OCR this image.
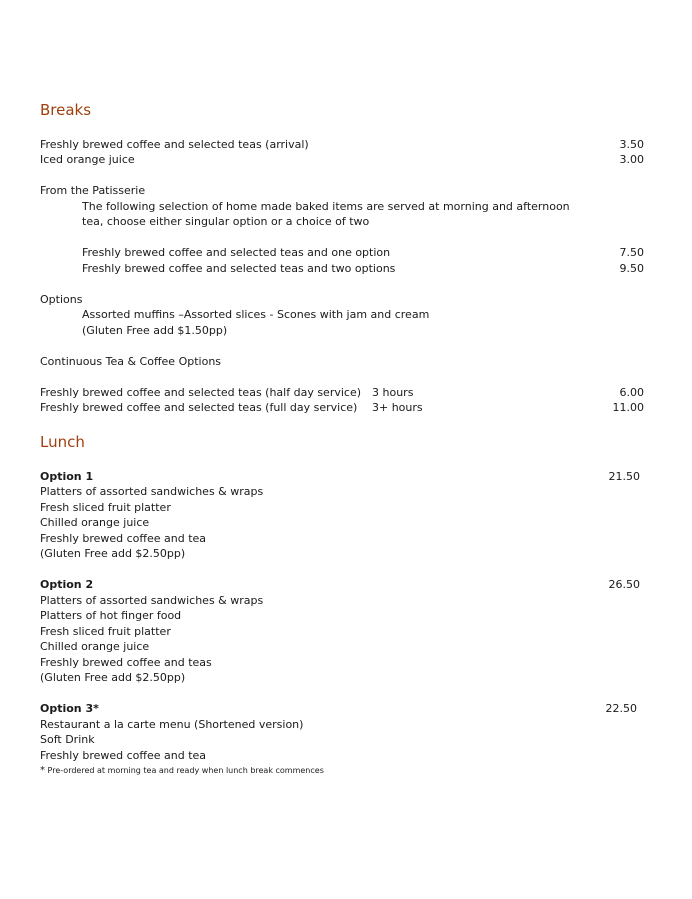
Breaks
Freshly brewed coffee and selected teas (arrival)	3.50
Iced orange juice	3.00
From the Patisserie
The following selection of home made baked items are served at morning and afternoon
tea, choose either singular option or a choice of two
Freshly brewed coffee and selected teas and one option	7.50
Freshly brewed coffee and selected teas and two options	9.50
Options
Assorted muffins –Assorted slices - Scones with jam and cream
(Gluten Free add $1.50pp)
Continuous Tea & Coffee Options
Freshly brewed coffee and selected teas (half day service) 3 hours	6.00
Freshly brewed coffee and selected teas (full day service) 3+ hours	11.00
Lunch
Option 1	21.50
Platters of assorted sandwiches & wraps
Fresh sliced fruit platter
Chilled orange juice
Freshly brewed coffee and tea
(Gluten Free add $2.50pp)
Option 2	26.50
Platters of assorted sandwiches & wraps
Platters of hot finger food
Fresh sliced fruit platter
Chilled orange juice
Freshly brewed coffee and teas
(Gluten Free add $2.50pp)
Option 3*	22.50
Restaurant a la carte menu (Shortened version)
Soft Drink
Freshly brewed coffee and tea
* Pre-ordered at morning tea and ready when lunch break commences
